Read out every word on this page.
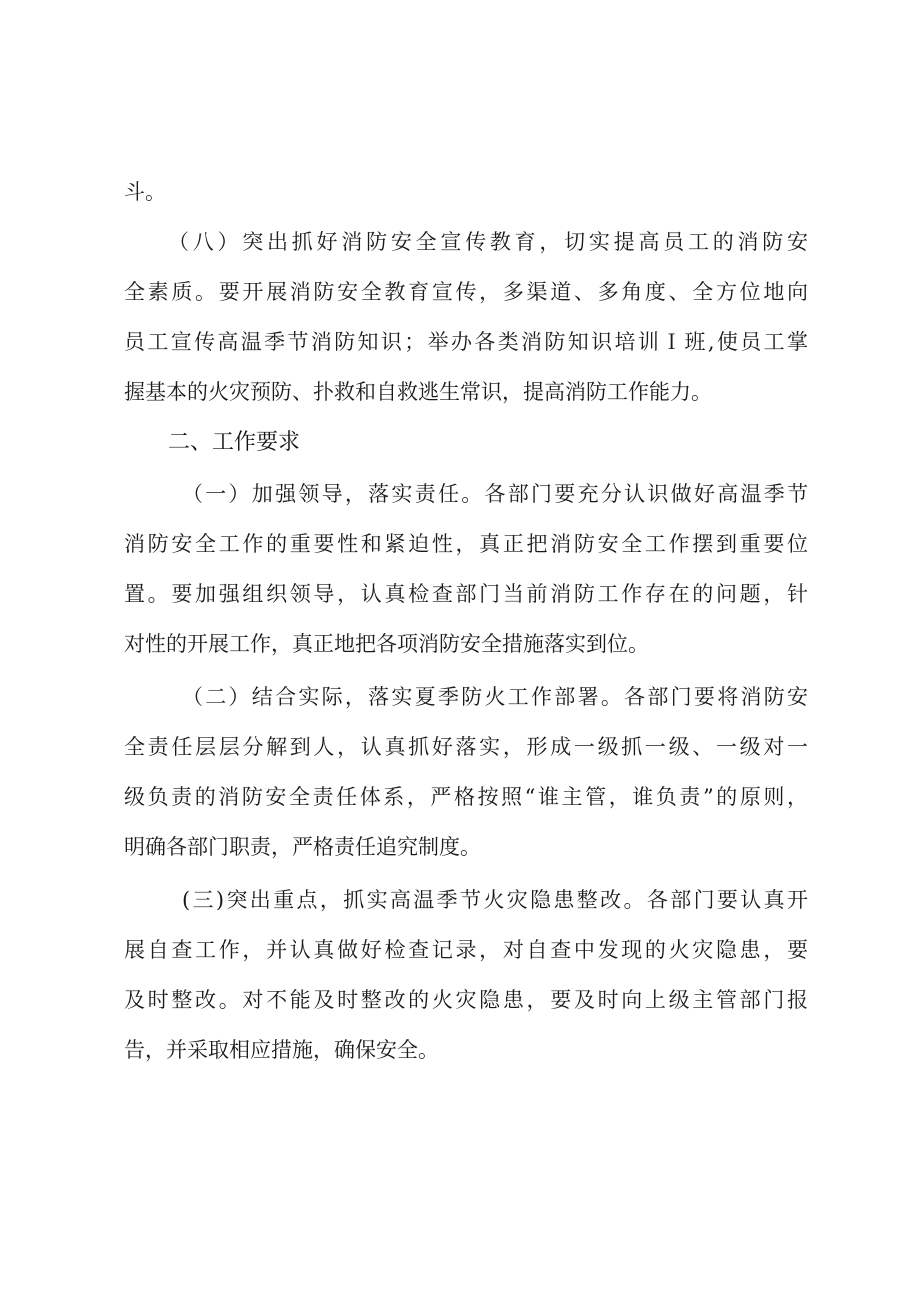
斗。
（八）突出抓好消防安全宣传教育，切实提高员工的消防安
全素质。要开展消防安全教育宣传，多渠道、多角度、全方位地向
员工宣传高温季节消防知识；举办各类消防知识培训Ｉ班,使员工掌
握基本的火灾预防、扑救和自救逃生常识，提高消防工作能力。
二、工作要求
（一）加强领导，落实责任。各部门要充分认识做好高温季节
消防安全工作的重要性和紧迫性，真正把消防安全工作摆到重要位
置。要加强组织领导，认真检查部门当前消防工作存在的问题，针
对性的开展工作，真正地把各项消防安全措施落实到位。
（二）结合实际，落实夏季防火工作部署。各部门要将消防安
全责任层层分解到人，认真抓好落实，形成一级抓一级、一级对一
级负责的消防安全责任体系，严格按照“谁主管，谁负责”的原则，
明确各部门职责，严格责任追究制度。
(三)突出重点，抓实高温季节火灾隐患整改。各部门要认真开
展自查工作，并认真做好检查记录，对自查中发现的火灾隐患，要
及时整改。对不能及时整改的火灾隐患，要及时向上级主管部门报
告，并采取相应措施，确保安全。
